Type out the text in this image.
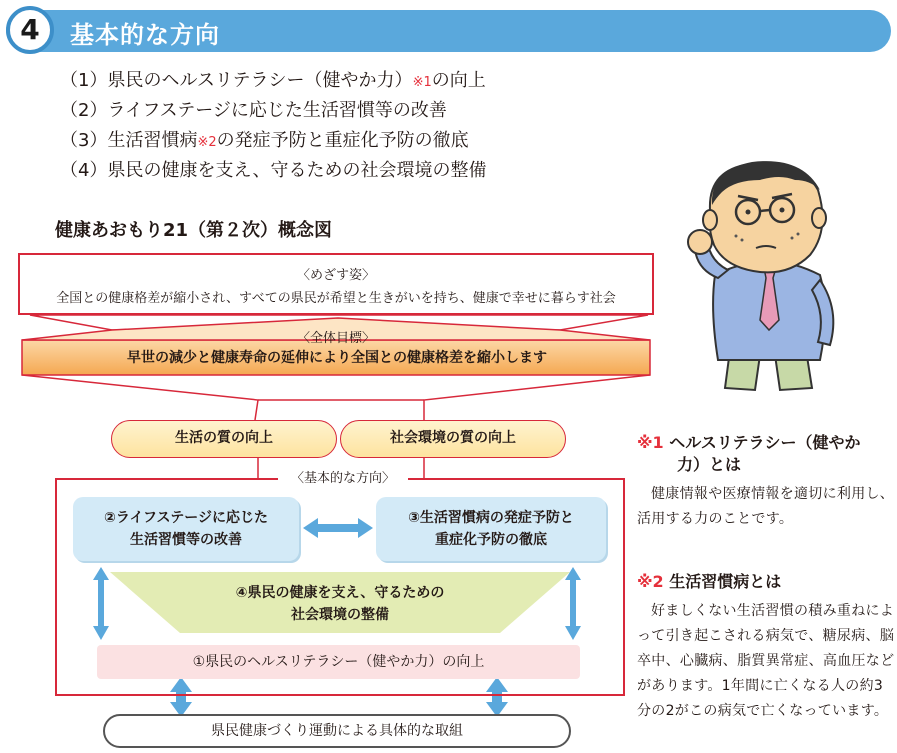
4	基本的な方向
（1）県民のヘルスリテラシー（健やか力）$^{※1}$の向上
（2）ライフステージに応じた生活習慣等の改善
（3）生活習慣病$^{※2}$の発症予防と重症化予防の徹底
（4）県民の健康を支え、守るための社会環境の整備
健康あおもり21（第２次）概念図
〈めざす姿〉
全国との健康格差が縮小され、すべての県民が希望と生きがいを持ち、健康で幸せに暮らす社会
〈全体目標〉
早世の減少と健康寿命の延伸により全国との健康格差を縮小します
生活の質の向上	社会環境の質の向上
〈基本的な方向〉
②ライフステージに応じた
生活習慣等の改善
③生活習慣病の発症予防と
重症化予防の徹底
④県民の健康を支え、守るための
社会環境の整備
①県民のヘルスリテラシー（健やか力）の向上
県民健康づくり運動による具体的な取組
※1 ヘルスリテラシー（健やか
力）とは
健康情報や医療情報を適切に利用し、活用する力のことです。
※2 生活習慣病とは
好ましくない生活習慣の積み重ねによって引き起こされる病気で、糖尿病、脳卒中、心臓病、脂質異常症、高血圧などがあります。1年間に亡くなる人の約3分の2がこの病気で亡くなっています。
